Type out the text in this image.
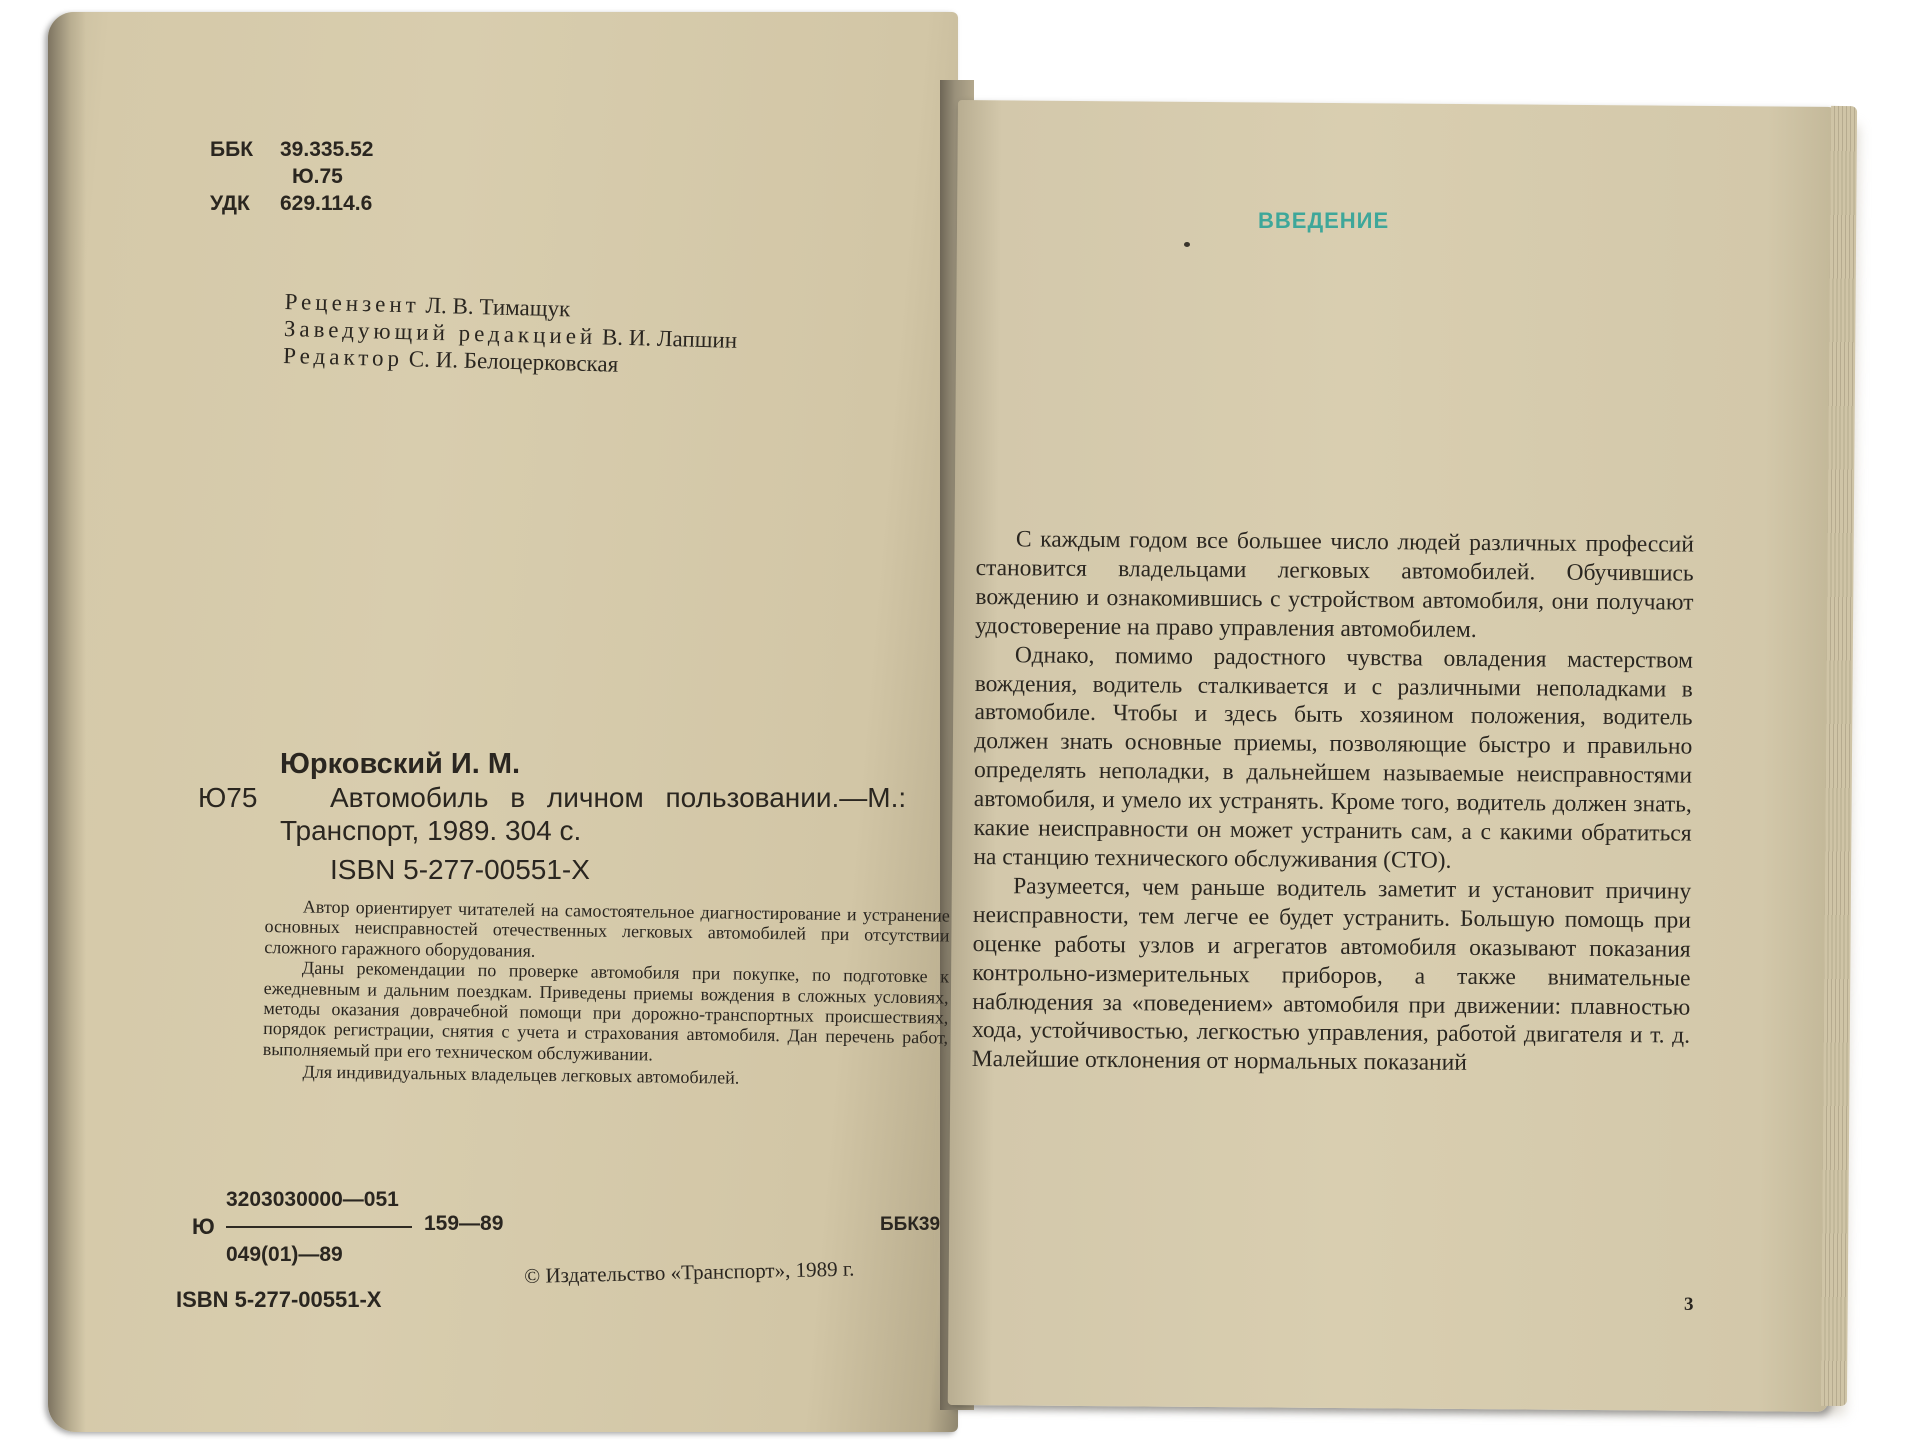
ББК	39.335.52
Ю.75
УДК	629.114.6
Рецензент Л. В. Тимащук
Заведующий редакцией В. И. Лапшин
Редактор С. И. Белоцерковская
Юрковский И. М.
Ю75	Автомобиль в личном пользовании.—М.:
Транспорт, 1989. 304 с.
ISBN 5-277-00551-X

Автор ориентирует читателей на самостоятельное диагностирование и устранение основных неисправностей отечественных легковых автомобилей при отсутствии сложного гаражного оборудования.

Даны рекомендации по проверке автомобиля при покупке, по подготовке к ежедневным и дальним поездкам. Приведены приемы вождения в сложных условиях, методы оказания доврачебной помощи при дорожно-транспортных происшествиях, порядок регистрации, снятия с учета и страхования автомобиля. Дан перечень работ, выполняемый при его техническом обслуживании.

Для индивидуальных владельцев легковых автомобилей.

3203030000—051
Ю	159—89
049(01)—89
ББК39
ISBN 5-277-00551-X
© Издательство «Транспорт», 1989 г.
ВВЕДЕНИЕ

С каждым годом все большее число людей различных профессий становится владельцами легковых автомобилей. Обучившись вождению и ознакомившись с устройством автомобиля, они получают удостоверение на право управления автомобилем.

Однако, помимо радостного чувства овладения мастерством вождения, водитель сталкивается и с различными неполадками в автомобиле. Чтобы и здесь быть хозяином положения, водитель должен знать основные приемы, позволяющие быстро и правильно определять неполадки, в дальнейшем называемые неисправностями автомобиля, и умело их устранять. Кроме того, водитель должен знать, какие неисправности он может устранить сам, а с какими обратиться на станцию технического обслуживания (СТО).

Разумеется, чем раньше водитель заметит и установит причину неисправности, тем легче ее будет устранить. Большую помощь при оценке работы узлов и агрегатов автомобиля оказывают показания контрольно-измерительных приборов, а также внимательные наблюдения за «поведением» автомобиля при движении: плавностью хода, устойчивостью, легкостью управления, работой двигателя и т. д. Малейшие отклонения от нормальных показаний

3
